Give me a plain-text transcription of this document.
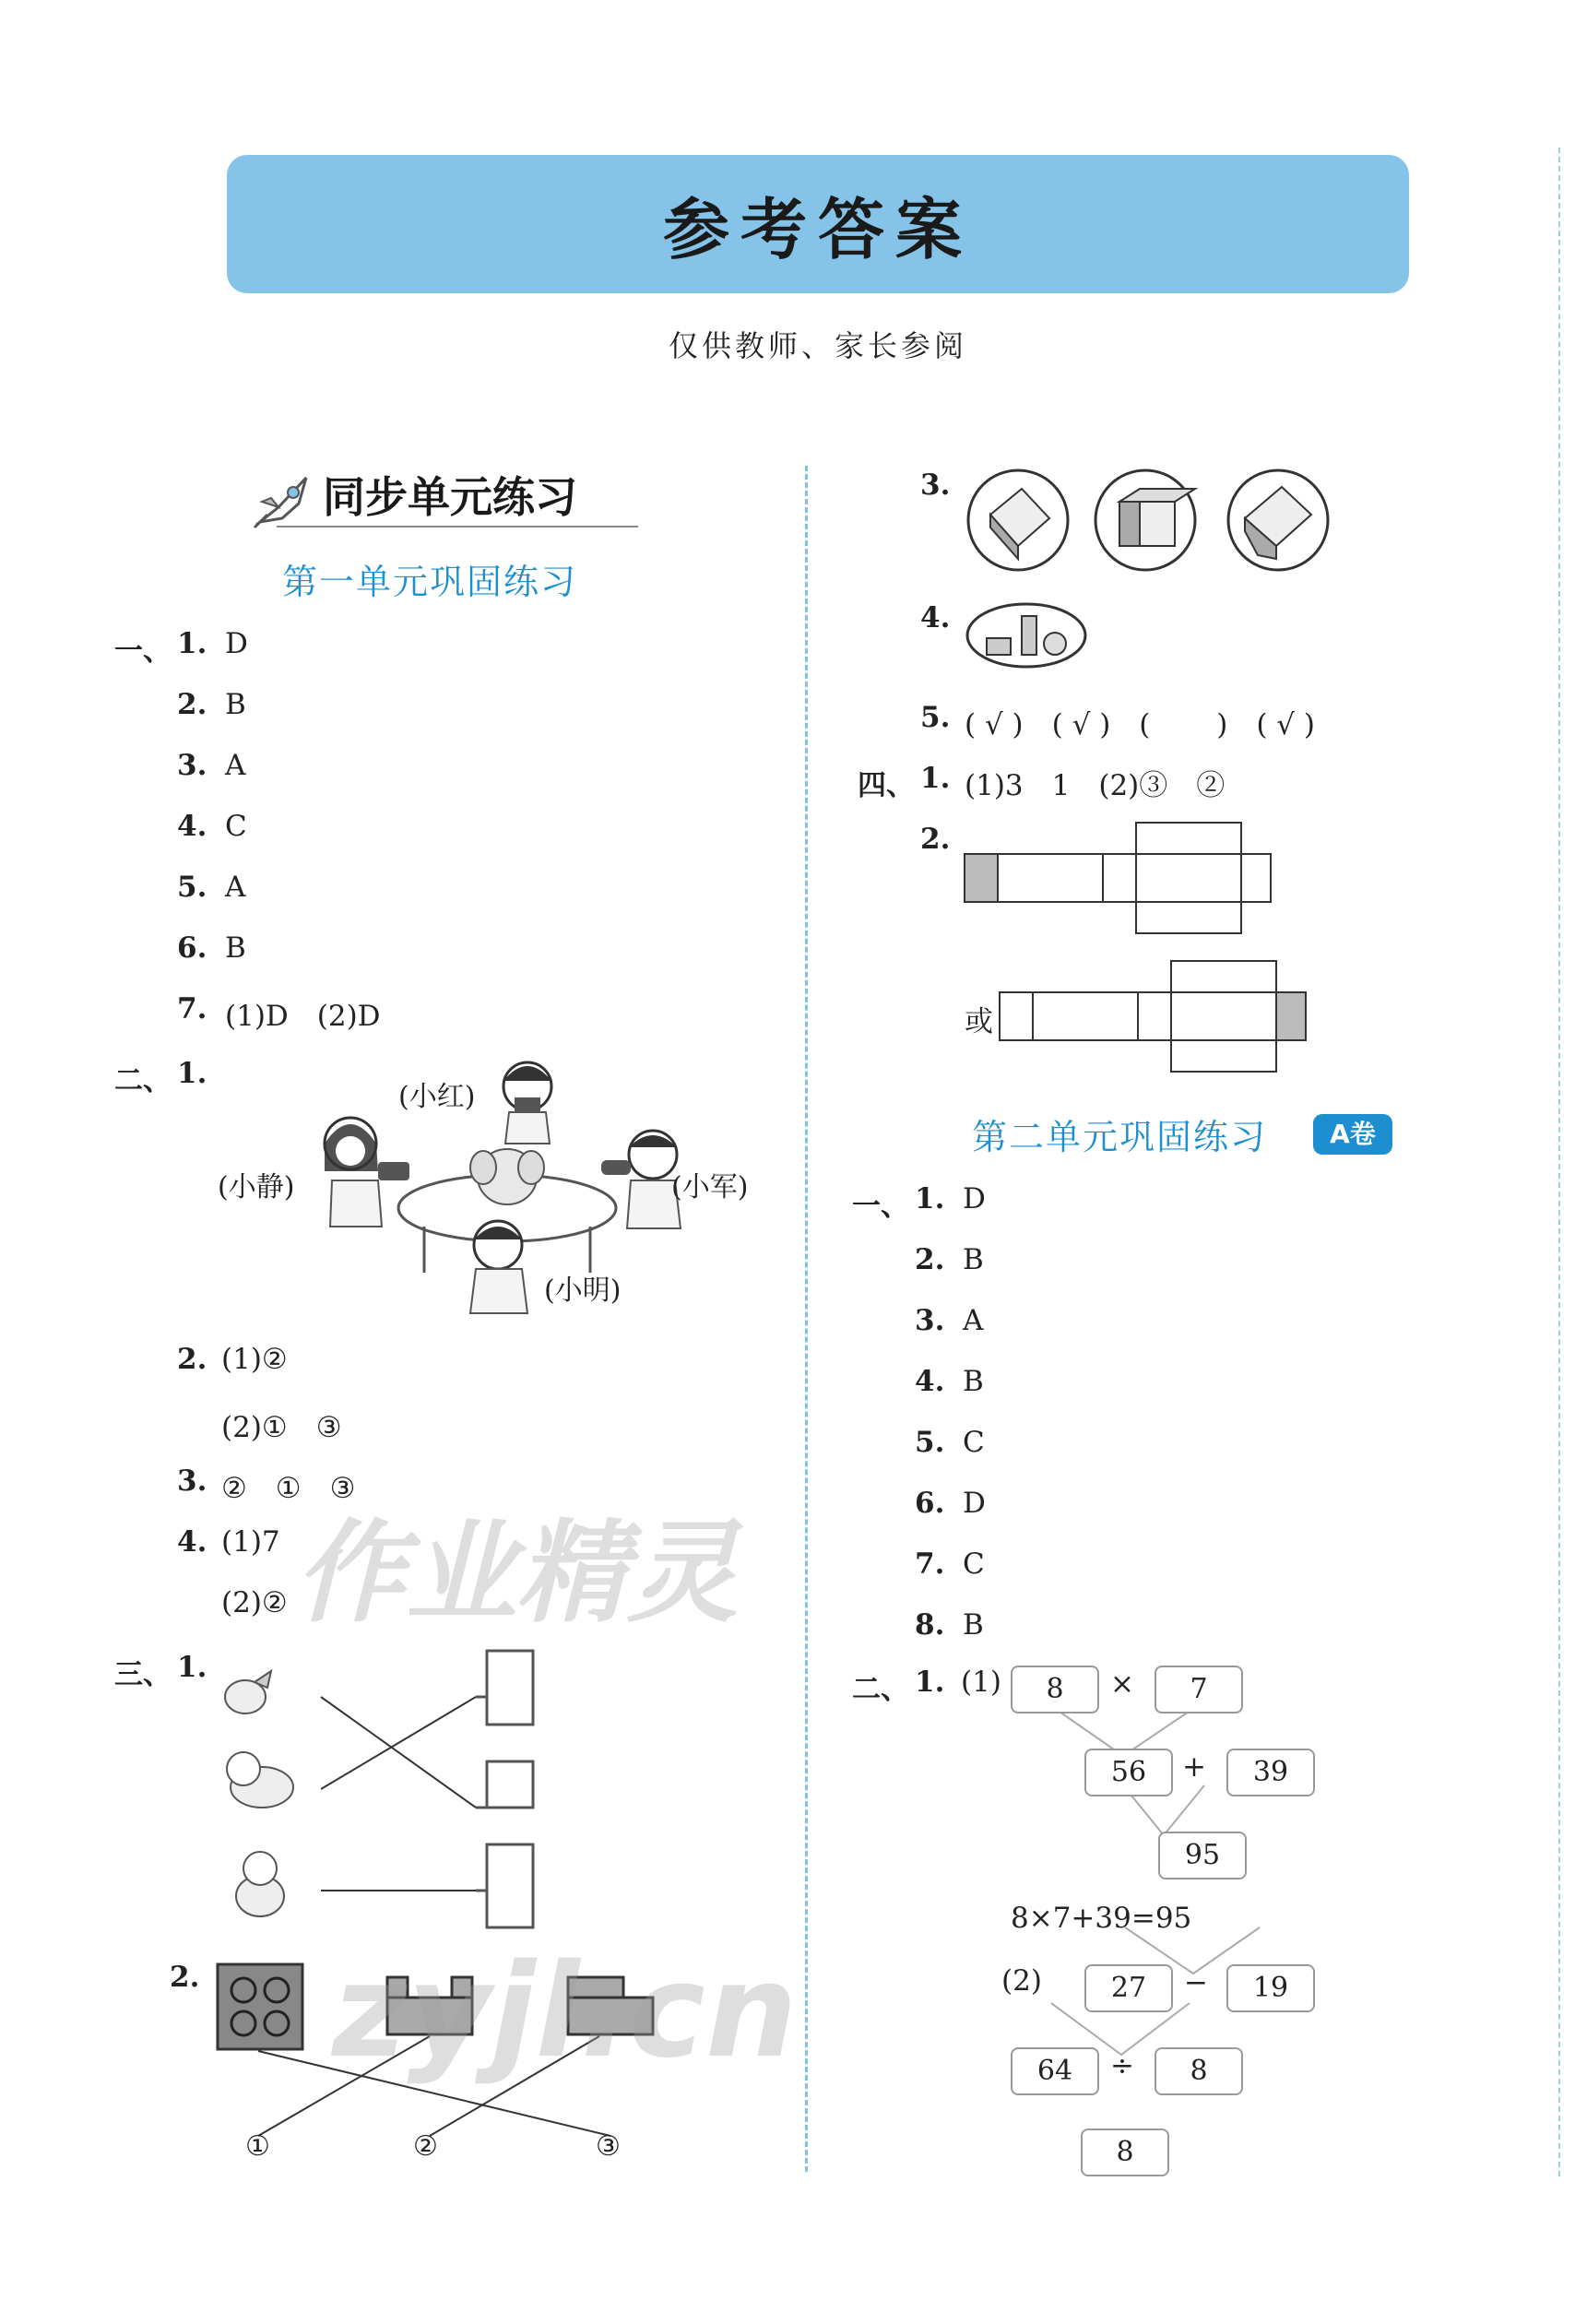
参考答案
仅供教师、家长参阅
同步单元练习
第一单元巩固练习
一、 1. D
2. B
3. A
4. C
5. A
6. B
7. (1)D　(2)D
二、 1.
(小红)
(小静)	(小军)
(小明)
2. (1)②
(2)①　③
3. ②　①　③
4. (1)7
(2)②
三、 1.
2.
①	②	③
3.
4.
5. ( √ )　( √ )　(　　 )　( √ )
四、 1. (1)3　1　(2)③　②
2.
或
第二单元巩固练习	A卷
一、 1. D
2. B
3. A
4. B
5. C
6. D
7. C
8. B
二、 1. (1)	8	×	7
56	+	39
95
8×7+39=95
(2)	27	−	19
64	÷	8
8
作业精灵
zyjl.cn
